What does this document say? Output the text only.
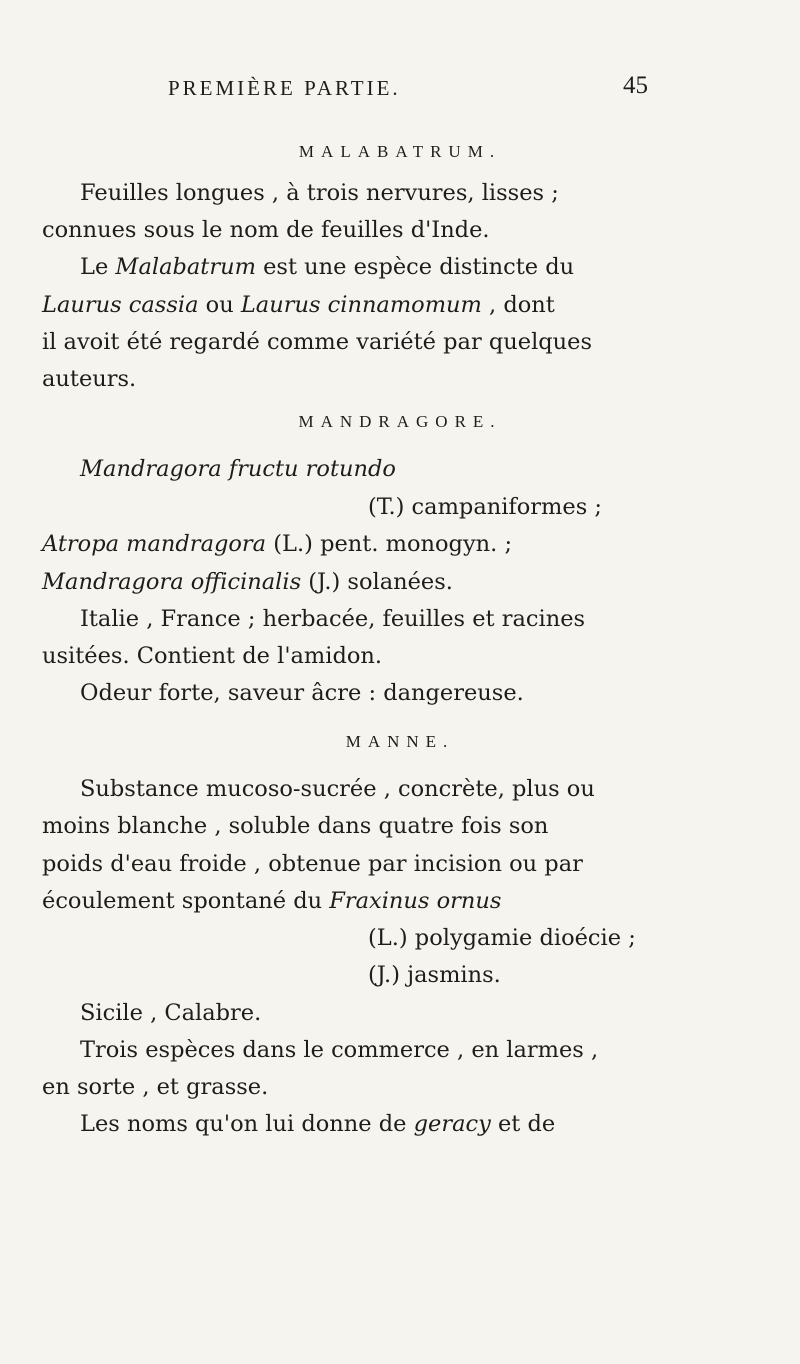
PREMIÈRE PARTIE.	45
MALABATRUM.
Feuilles longues , à trois nervures, lisses ;
connues sous le nom de feuilles d'Inde.
Le Malabatrum est une espèce distincte du
Laurus cassia ou Laurus cinnamomum , dont
il avoit été regardé comme variété par quelques
auteurs.
MANDRAGORE.
Mandragora fructu rotundo
(T.) campaniformes ;
Atropa mandragora (L.) pent. monogyn. ;
Mandragora officinalis (J.) solanées.
Italie , France ; herbacée, feuilles et racines
usitées. Contient de l'amidon.
Odeur forte, saveur âcre : dangereuse.
MANNE.
Substance mucoso-sucrée , concrète, plus ou
moins blanche , soluble dans quatre fois son
poids d'eau froide , obtenue par incision ou par
écoulement spontané du Fraxinus ornus
(L.) polygamie dioécie ;
(J.) jasmins.
Sicile , Calabre.
Trois espèces dans le commerce , en larmes ,
en sorte , et grasse.
Les noms qu'on lui donne de geracy et de
